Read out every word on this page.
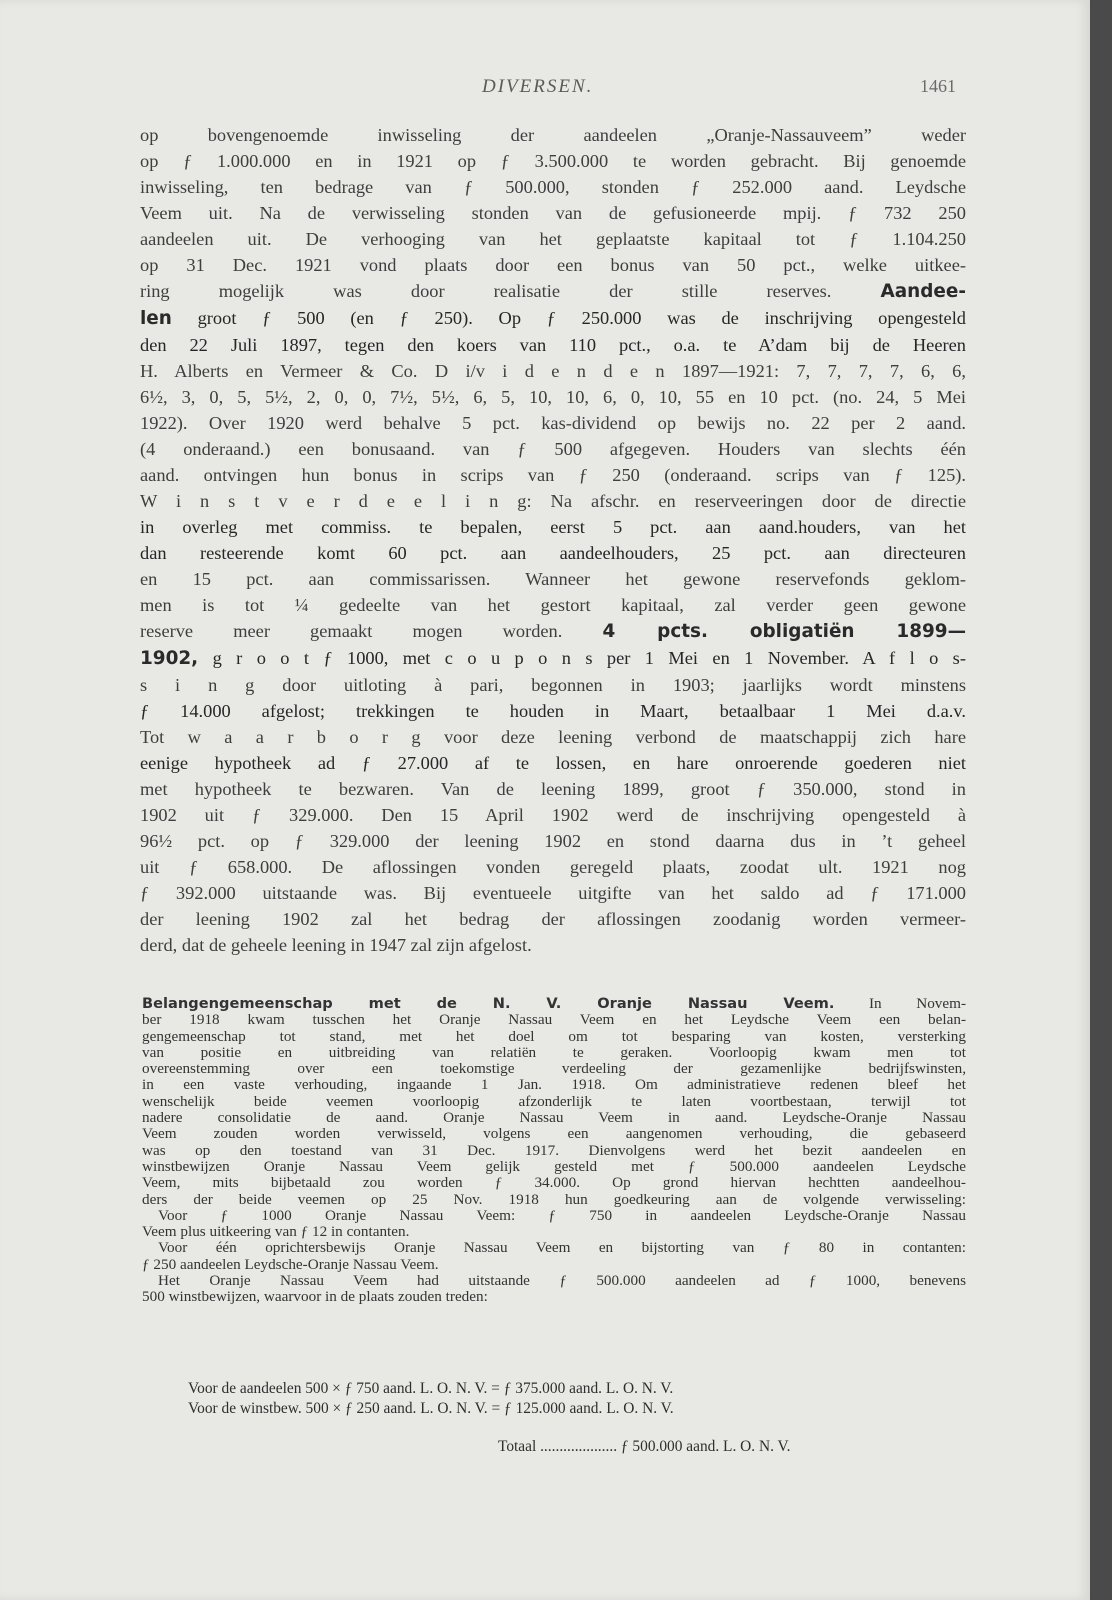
DIVERSEN.	1461
op bovengenoemde inwisseling der aandeelen „Oranje-Nassauveem” weder
op ƒ 1.000.000 en in 1921 op ƒ 3.500.000 te worden gebracht. Bij genoemde
inwisseling, ten bedrage van ƒ 500.000, stonden ƒ 252.000 aand. Leydsche
Veem uit. Na de verwisseling stonden van de gefusioneerde mpij. ƒ 732 250
aandeelen uit. De verhooging van het geplaatste kapitaal tot ƒ 1.104.250
op 31 Dec. 1921 vond plaats door een bonus van 50 pct., welke uitkee-
ring mogelijk was door realisatie der stille reserves.	Aandee-
len groot ƒ 500 (en ƒ 250). Op ƒ 250.000 was de inschrijving opengesteld
den 22 Juli 1897, tegen den koers van 110 pct., o.a. te A’dam bij de Heeren
H. Alberts en Vermeer & Co. D i/v i d e n d e n 1897—1921: 7, 7, 7, 7, 6, 6,
6½, 3, 0, 5, 5½, 2, 0, 0, 7½, 5½, 6, 5, 10, 10, 6, 0, 10, 55 en 10 pct. (no. 24, 5 Mei
1922). Over 1920 werd behalve 5 pct. kas-dividend op bewijs no. 22 per 2 aand.
(4 onderaand.) een bonusaand. van ƒ 500 afgegeven. Houders van slechts één
aand. ontvingen hun bonus in scrips van ƒ 250 (onderaand. scrips van ƒ 125).
W i n s t v e r d e e l i n g: Na afschr. en reserveeringen door de directie
in overleg met commiss. te bepalen, eerst 5 pct. aan aand.houders, van het
dan resteerende komt 60 pct. aan aandeelhouders, 25 pct. aan directeuren
en 15 pct. aan commissarissen. Wanneer het gewone reservefonds geklom-
men is tot ¼ gedeelte van het gestort kapitaal, zal verder geen gewone
reserve meer gemaakt mogen worden. 4 pcts. obligatiën 1899—
1902, g r o o t ƒ 1000, met c o u p o n s per 1 Mei en 1 November. A f l o s-
s i n g door uitloting à pari, begonnen in 1903; jaarlijks wordt minstens
ƒ 14.000 afgelost; trekkingen te houden in Maart, betaalbaar 1 Mei d.a.v.
Tot w a a r b o r g voor deze leening verbond de maatschappij zich hare
eenige hypotheek ad ƒ 27.000 af te lossen, en hare onroerende goederen niet
met hypotheek te bezwaren. Van de leening 1899, groot ƒ 350.000, stond in
1902 uit ƒ 329.000. Den 15 April 1902 werd de inschrijving opengesteld à
96½ pct. op ƒ 329.000 der leening 1902 en stond daarna dus in ’t geheel
uit ƒ 658.000. De aflossingen vonden geregeld plaats, zoodat ult. 1921 nog
ƒ 392.000 uitstaande was. Bij eventueele uitgifte van het saldo ad ƒ 171.000
der leening 1902 zal het bedrag der aflossingen zoodanig worden vermeer-
derd, dat de geheele leening in 1947 zal zijn afgelost.
Belangengemeenschap met de N. V. Oranje Nassau Veem. In Novem-
ber 1918 kwam tusschen het Oranje Nassau Veem en het Leydsche Veem een belan-
gengemeenschap tot stand, met het doel om tot besparing van kosten, versterking
van positie en uitbreiding van relatiën te geraken. Voorloopig kwam men tot
overeenstemming over een toekomstige verdeeling der gezamenlijke bedrijfswinsten,
in een vaste verhouding, ingaande 1 Jan. 1918. Om administratieve redenen bleef het
wenschelijk beide veemen voorloopig afzonderlijk te laten voortbestaan, terwijl tot
nadere consolidatie de aand. Oranje Nassau Veem in aand. Leydsche-Oranje Nassau
Veem zouden worden verwisseld, volgens een aangenomen verhouding, die gebaseerd
was op den toestand van 31 Dec. 1917. Dienvolgens werd het bezit aandeelen en
winstbewijzen Oranje Nassau Veem gelijk gesteld met ƒ 500.000 aandeelen Leydsche
Veem, mits bijbetaald zou worden ƒ 34.000. Op grond hiervan hechtten aandeelhou-
ders der beide veemen op 25 Nov. 1918 hun goedkeuring aan de volgende verwisseling:
Voor ƒ 1000 Oranje Nassau Veem: ƒ 750 in aandeelen Leydsche-Oranje Nassau
Veem plus uitkeering van ƒ 12 in contanten.
Voor één oprichtersbewijs Oranje Nassau Veem en bijstorting van ƒ 80 in contanten:
ƒ 250 aandeelen Leydsche-Oranje Nassau Veem.
Het Oranje Nassau Veem had uitstaande ƒ 500.000 aandeelen ad ƒ 1000, benevens
500 winstbewijzen, waarvoor in de plaats zouden treden:
Voor de aandeelen 500 × ƒ 750 aand. L. O. N. V. = ƒ 375.000 aand. L. O. N. V.
Voor de winstbew. 500 × ƒ 250 aand. L. O. N. V. = ƒ 125.000 aand. L. O. N. V.
Totaal .................... ƒ 500.000 aand. L. O. N. V.
